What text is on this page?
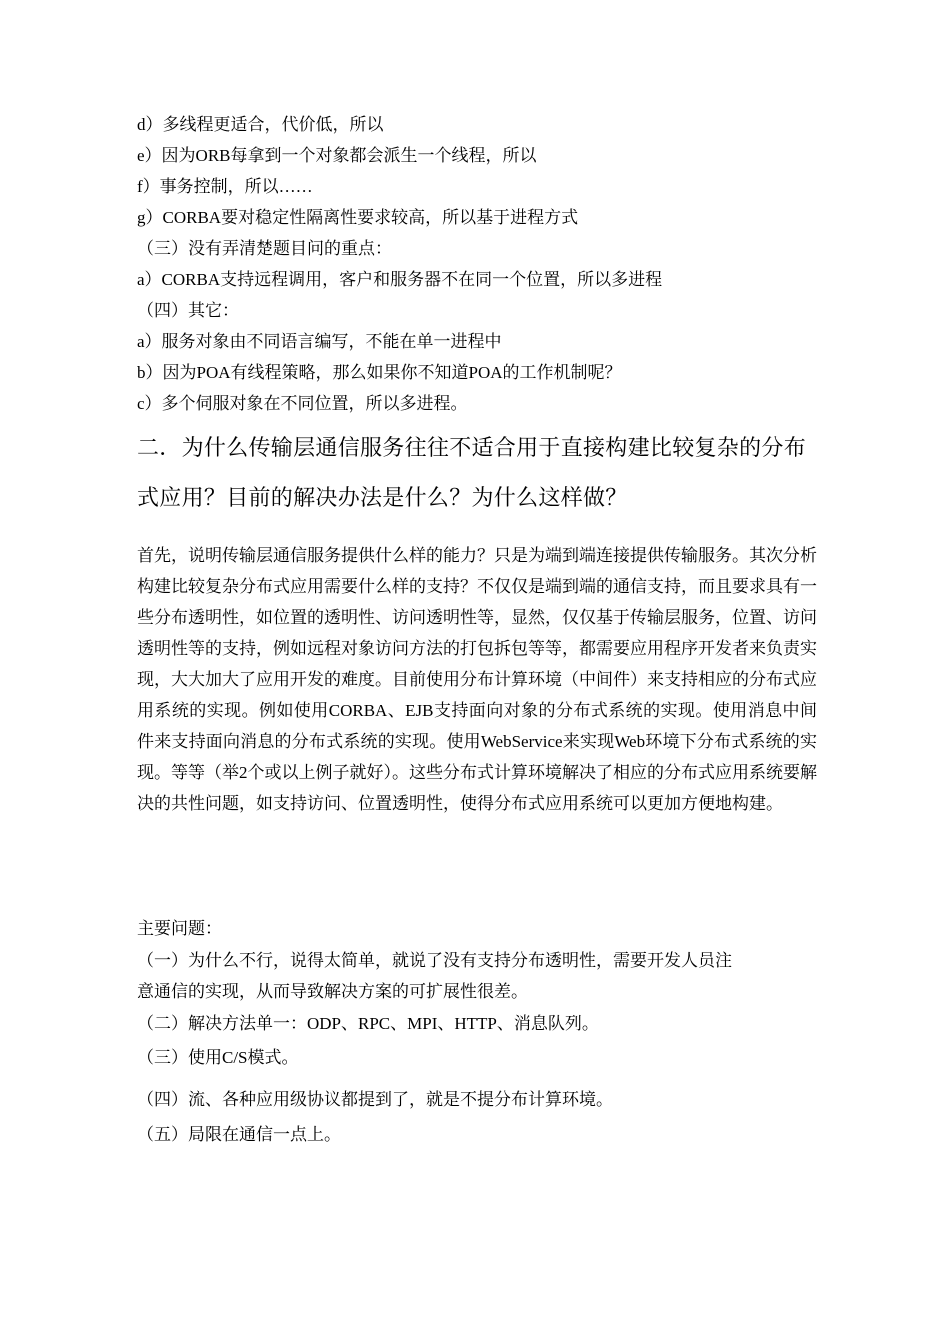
d）多线程更适合，代价低，所以
e）因为ORB每拿到一个对象都会派生一个线程，所以
f）事务控制，所以……
g）CORBA要对稳定性隔离性要求较高，所以基于进程方式
（三）没有弄清楚题目问的重点：
a）CORBA支持远程调用，客户和服务器不在同一个位置，所以多进程
（四）其它：
a）服务对象由不同语言编写，不能在单一进程中
b）因为POA有线程策略，那么如果你不知道POA的工作机制呢？
c）多个伺服对象在不同位置，所以多进程。
二．为什么传输层通信服务往往不适合用于直接构建比较复杂的分布
式应用？目前的解决办法是什么？为什么这样做？
首先，说明传输层通信服务提供什么样的能力？只是为端到端连接提供传输服务。其次分析构建比较复杂分布式应用需要什么样的支持？不仅仅是端到端的通信支持，而且要求具有一些分布透明性，如位置的透明性、访问透明性等，显然，仅仅基于传输层服务，位置、访问透明性等的支持，例如远程对象访问方法的打包拆包等等，都需要应用程序开发者来负责实现，大大加大了应用开发的难度。目前使用分布计算环境（中间件）来支持相应的分布式应用系统的实现。例如使用CORBA、EJB支持面向对象的分布式系统的实现。使用消息中间件来支持面向消息的分布式系统的实现。使用WebService来实现Web环境下分布式系统的实现。等等（举2个或以上例子就好）。这些分布式计算环境解决了相应的分布式应用系统要解决的共性问题，如支持访问、位置透明性，使得分布式应用系统可以更加方便地构建。
主要问题：
（一）为什么不行，说得太简单，就说了没有支持分布透明性，需要开发人员注
意通信的实现，从而导致解决方案的可扩展性很差。
（二）解决方法单一：ODP、RPC、MPI、HTTP、消息队列。
（三）使用C/S模式。
（四）流、各种应用级协议都提到了，就是不提分布计算环境。
（五）局限在通信一点上。
